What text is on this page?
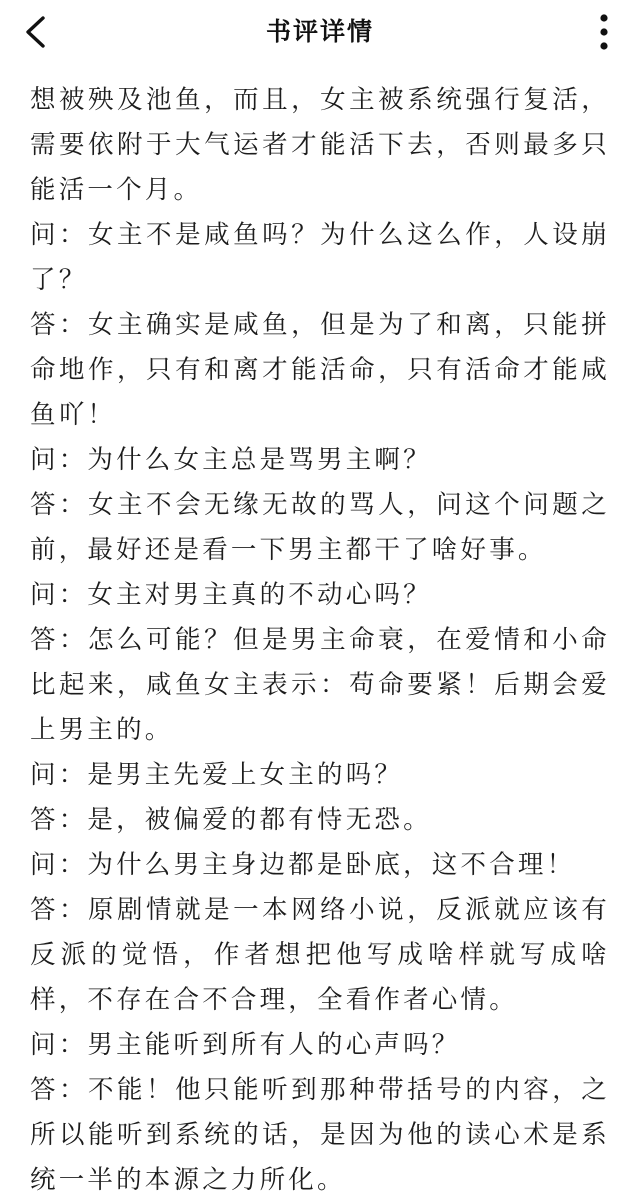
书评详情

想被殃及池鱼，而且，女主被系统强行复活，需要依附于大气运者才能活下去，否则最多只能活一个月。

问：女主不是咸鱼吗？为什么这么作，人设崩了？

答：女主确实是咸鱼，但是为了和离，只能拼命地作，只有和离才能活命，只有活命才能咸鱼吖！

问：为什么女主总是骂男主啊？

答：女主不会无缘无故的骂人，问这个问题之前，最好还是看一下男主都干了啥好事。

问：女主对男主真的不动心吗？

答：怎么可能？但是男主命衰，在爱情和小命比起来，咸鱼女主表示：苟命要紧！后期会爱上男主的。

问：是男主先爱上女主的吗？

答：是，被偏爱的都有恃无恐。

问：为什么男主身边都是卧底，这不合理！

答：原剧情就是一本网络小说，反派就应该有反派的觉悟，作者想把他写成啥样就写成啥样，不存在合不合理，全看作者心情。

问：男主能听到所有人的心声吗？

答：不能！他只能听到那种带括号的内容，之所以能听到系统的话，是因为他的读心术是系统一半的本源之力所化。
